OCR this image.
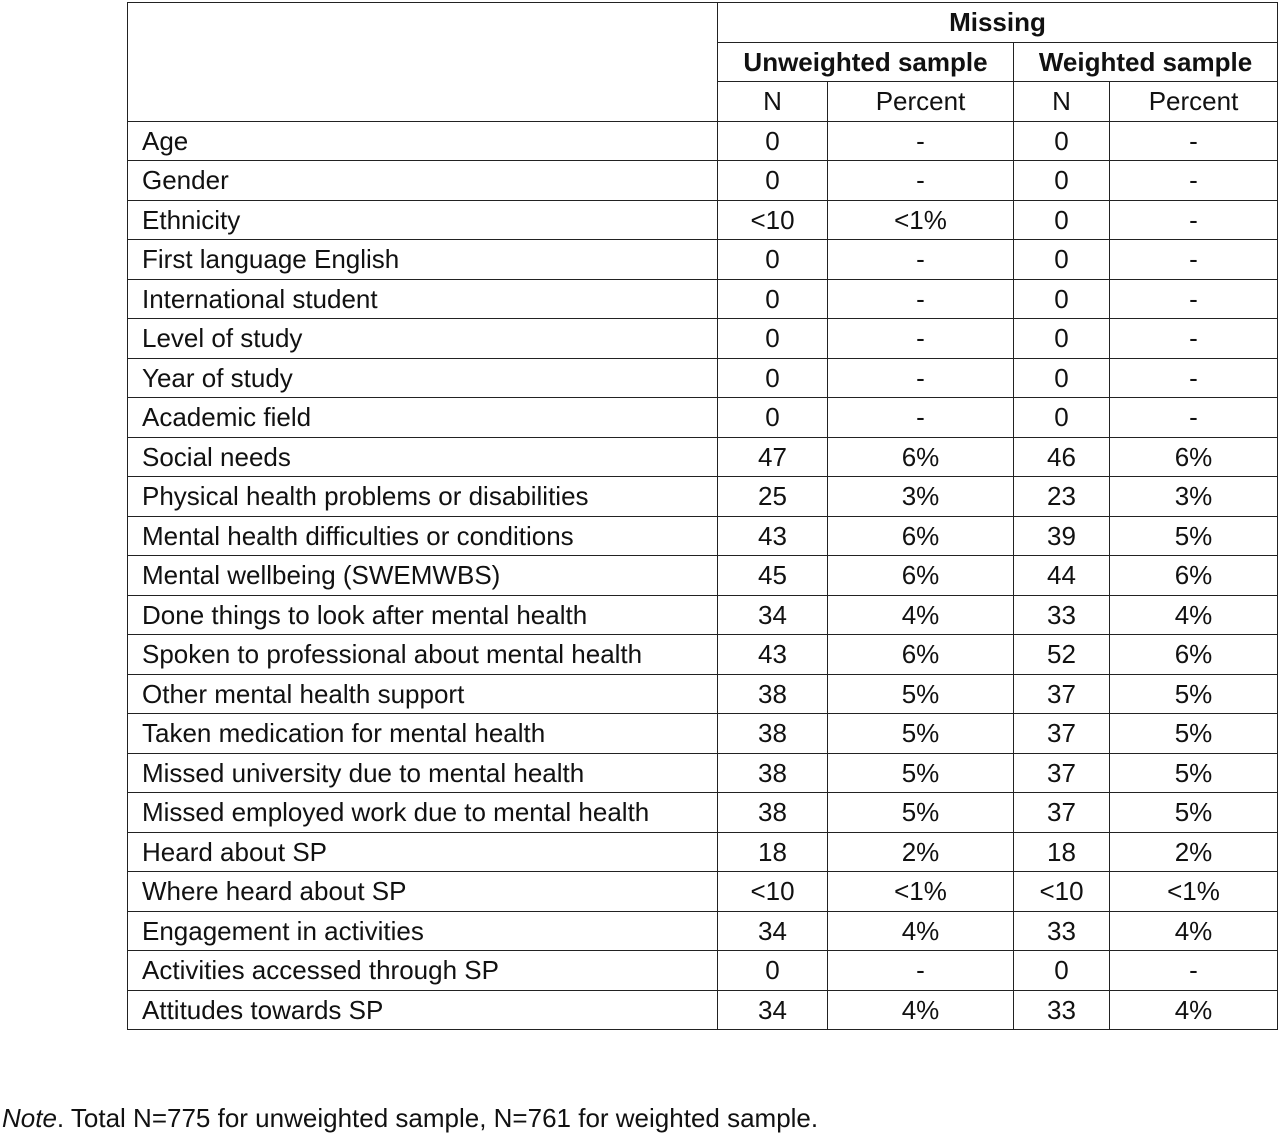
	Missing			
	Unweighted sample		Weighted sample	
	N	Percent	N	Percent
Age	0	-	0	-
Gender	0	-	0	-
Ethnicity	<10	<1%	0	-
First language English	0	-	0	-
International student	0	-	0	-
Level of study	0	-	0	-
Year of study	0	-	0	-
Academic field	0	-	0	-
Social needs	47	6%	46	6%
Physical health problems or disabilities	25	3%	23	3%
Mental health difficulties or conditions	43	6%	39	5%
Mental wellbeing (SWEMWBS)	45	6%	44	6%
Done things to look after mental health	34	4%	33	4%
Spoken to professional about mental health	43	6%	52	6%
Other mental health support	38	5%	37	5%
Taken medication for mental health	38	5%	37	5%
Missed university due to mental health	38	5%	37	5%
Missed employed work due to mental health	38	5%	37	5%
Heard about SP	18	2%	18	2%
Where heard about SP	<10	<1%	<10	<1%
Engagement in activities	34	4%	33	4%
Activities accessed through SP	0	-	0	-
Attitudes towards SP	34	4%	33	4%
Note. Total N=775 for unweighted sample, N=761 for weighted sample.
